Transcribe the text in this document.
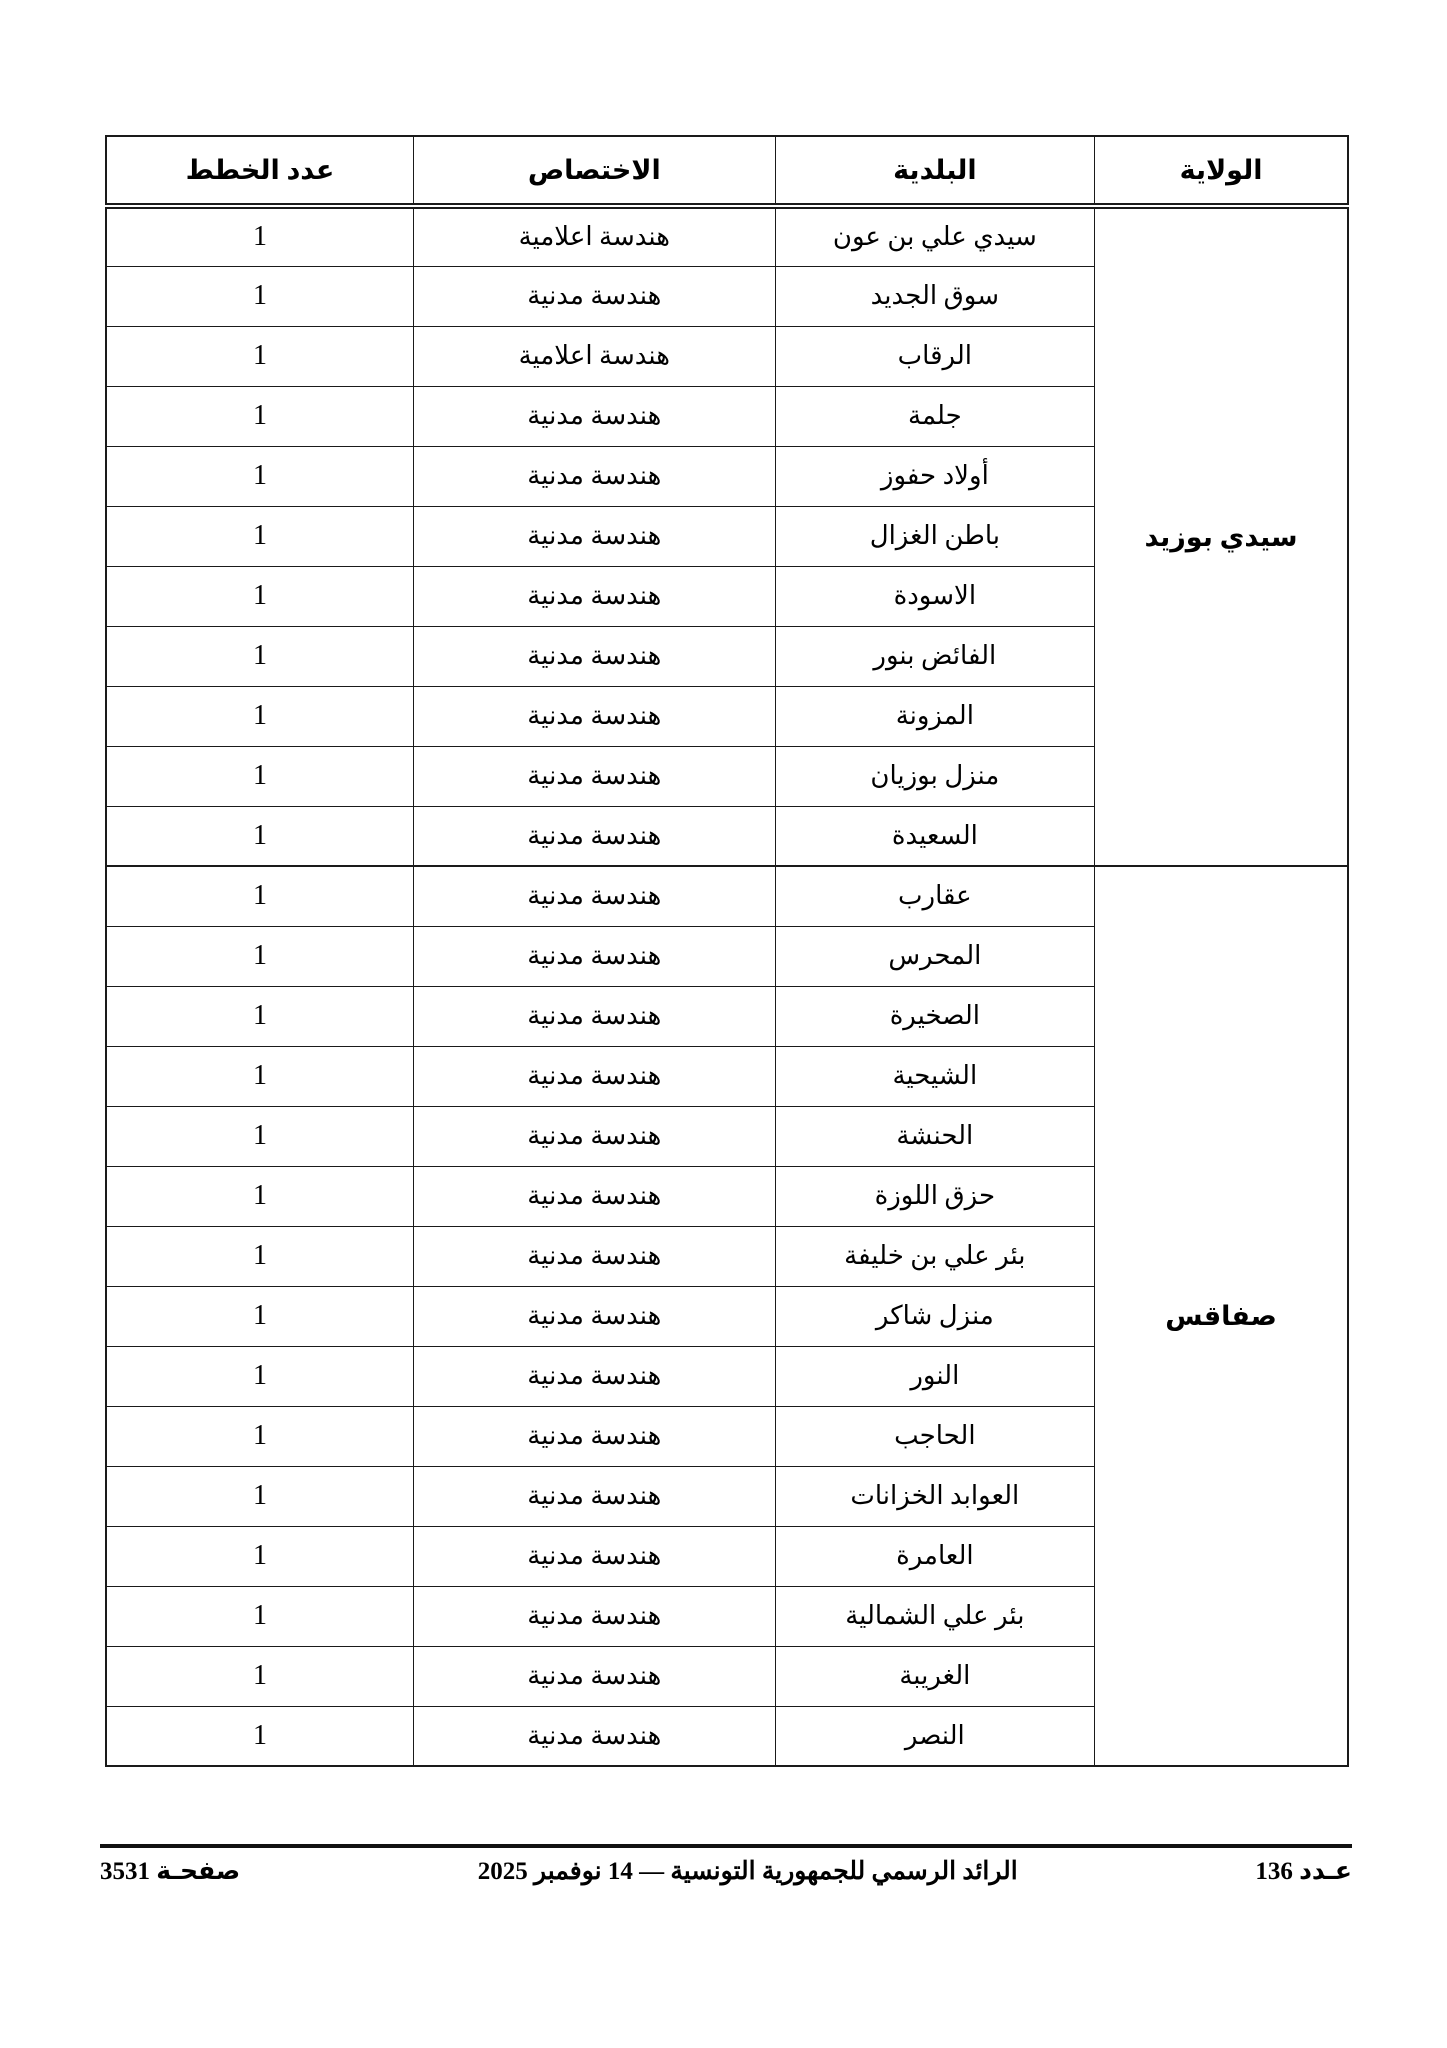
الولاية	البلدية	الاختصاص	عدد الخطط
سيدي بوزيد	سيدي علي بن عون	هندسة اعلامية	1
	سوق الجديد	هندسة مدنية	1
	الرقاب	هندسة اعلامية	1
	جلمة	هندسة مدنية	1
	أولاد حفوز	هندسة مدنية	1
	باطن الغزال	هندسة مدنية	1
	الاسودة	هندسة مدنية	1
	الفائض بنور	هندسة مدنية	1
	المزونة	هندسة مدنية	1
	منزل بوزيان	هندسة مدنية	1
	السعيدة	هندسة مدنية	1
صفاقس	عقارب	هندسة مدنية	1
	المحرس	هندسة مدنية	1
	الصخيرة	هندسة مدنية	1
	الشيحية	هندسة مدنية	1
	الحنشة	هندسة مدنية	1
	حزق اللوزة	هندسة مدنية	1
	بئر علي بن خليفة	هندسة مدنية	1
	منزل شاكر	هندسة مدنية	1
	النور	هندسة مدنية	1
	الحاجب	هندسة مدنية	1
	العوابد الخزانات	هندسة مدنية	1
	العامرة	هندسة مدنية	1
	بئر علي الشمالية	هندسة مدنية	1
	الغريبة	هندسة مدنية	1
	النصر	هندسة مدنية	1
عـدد 136
الرائد الرسمي للجمهورية التونسية — 14 نوفمبر 2025
صفحـة 3531
